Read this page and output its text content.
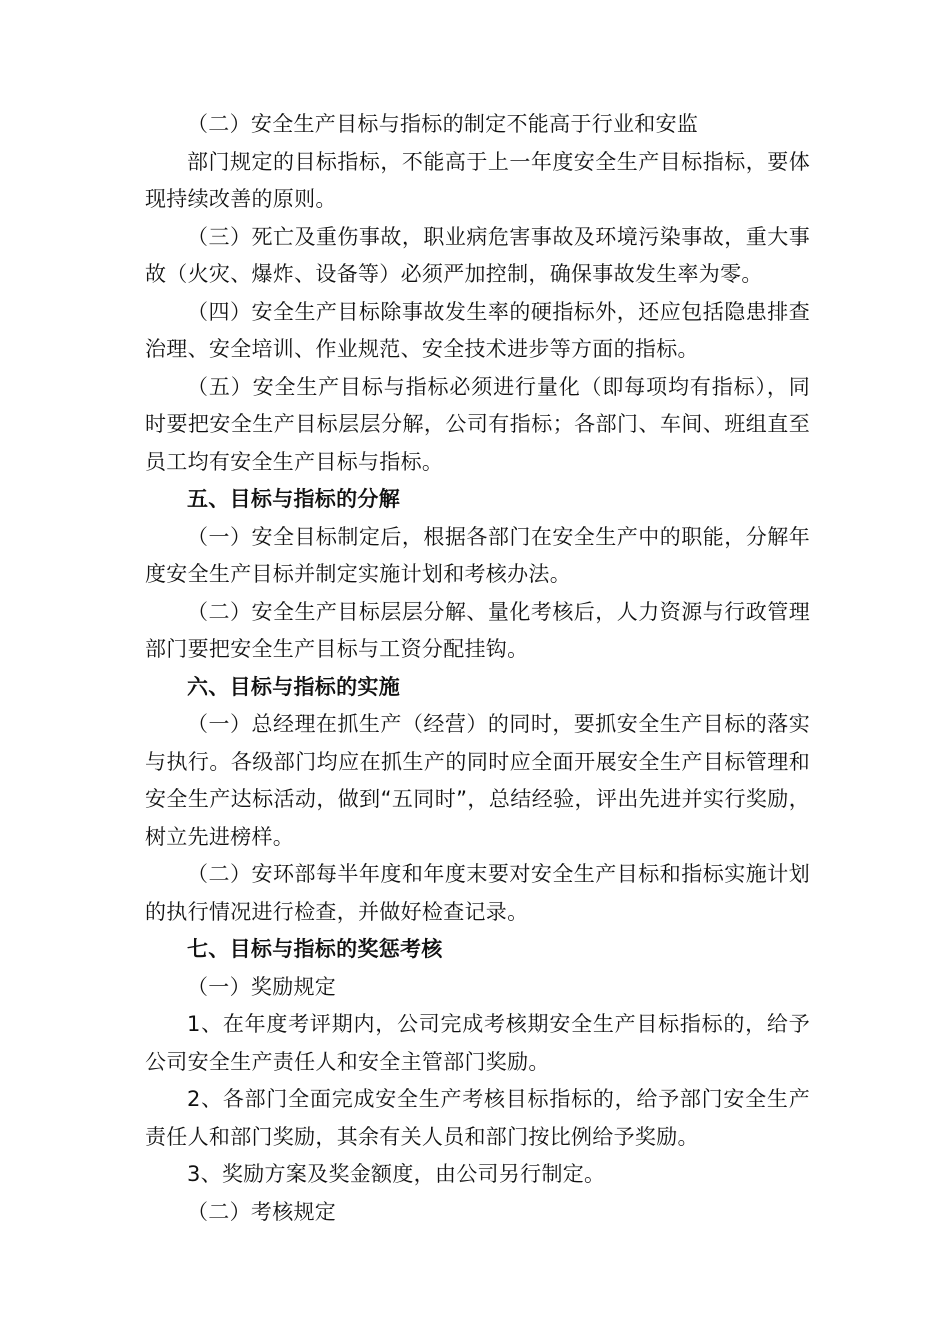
（二）安全生产目标与指标的制定不能高于行业和安监

部门规定的目标指标，不能高于上一年度安全生产目标指标，要体现持续改善的原则。

（三）死亡及重伤事故，职业病危害事故及环境污染事故，重大事故（火灾、爆炸、设备等）必须严加控制，确保事故发生率为零。

（四）安全生产目标除事故发生率的硬指标外，还应包括隐患排查治理、安全培训、作业规范、安全技术进步等方面的指标。

（五）安全生产目标与指标必须进行量化（即每项均有指标），同时要把安全生产目标层层分解，公司有指标；各部门、车间、班组直至员工均有安全生产目标与指标。

五、目标与指标的分解

（一）安全目标制定后，根据各部门在安全生产中的职能，分解年度安全生产目标并制定实施计划和考核办法。

（二）安全生产目标层层分解、量化考核后，人力资源与行政管理部门要把安全生产目标与工资分配挂钩。

六、目标与指标的实施

（一）总经理在抓生产（经营）的同时，要抓安全生产目标的落实与执行。各级部门均应在抓生产的同时应全面开展安全生产目标管理和安全生产达标活动，做到“五同时”，总结经验，评出先进并实行奖励，树立先进榜样。

（二）安环部每半年度和年度末要对安全生产目标和指标实施计划的执行情况进行检查，并做好检查记录。

七、目标与指标的奖惩考核

（一）奖励规定

1、在年度考评期内，公司完成考核期安全生产目标指标的，给予公司安全生产责任人和安全主管部门奖励。

2、各部门全面完成安全生产考核目标指标的，给予部门安全生产责任人和部门奖励，其余有关人员和部门按比例给予奖励。

3、奖励方案及奖金额度，由公司另行制定。

（二）考核规定
